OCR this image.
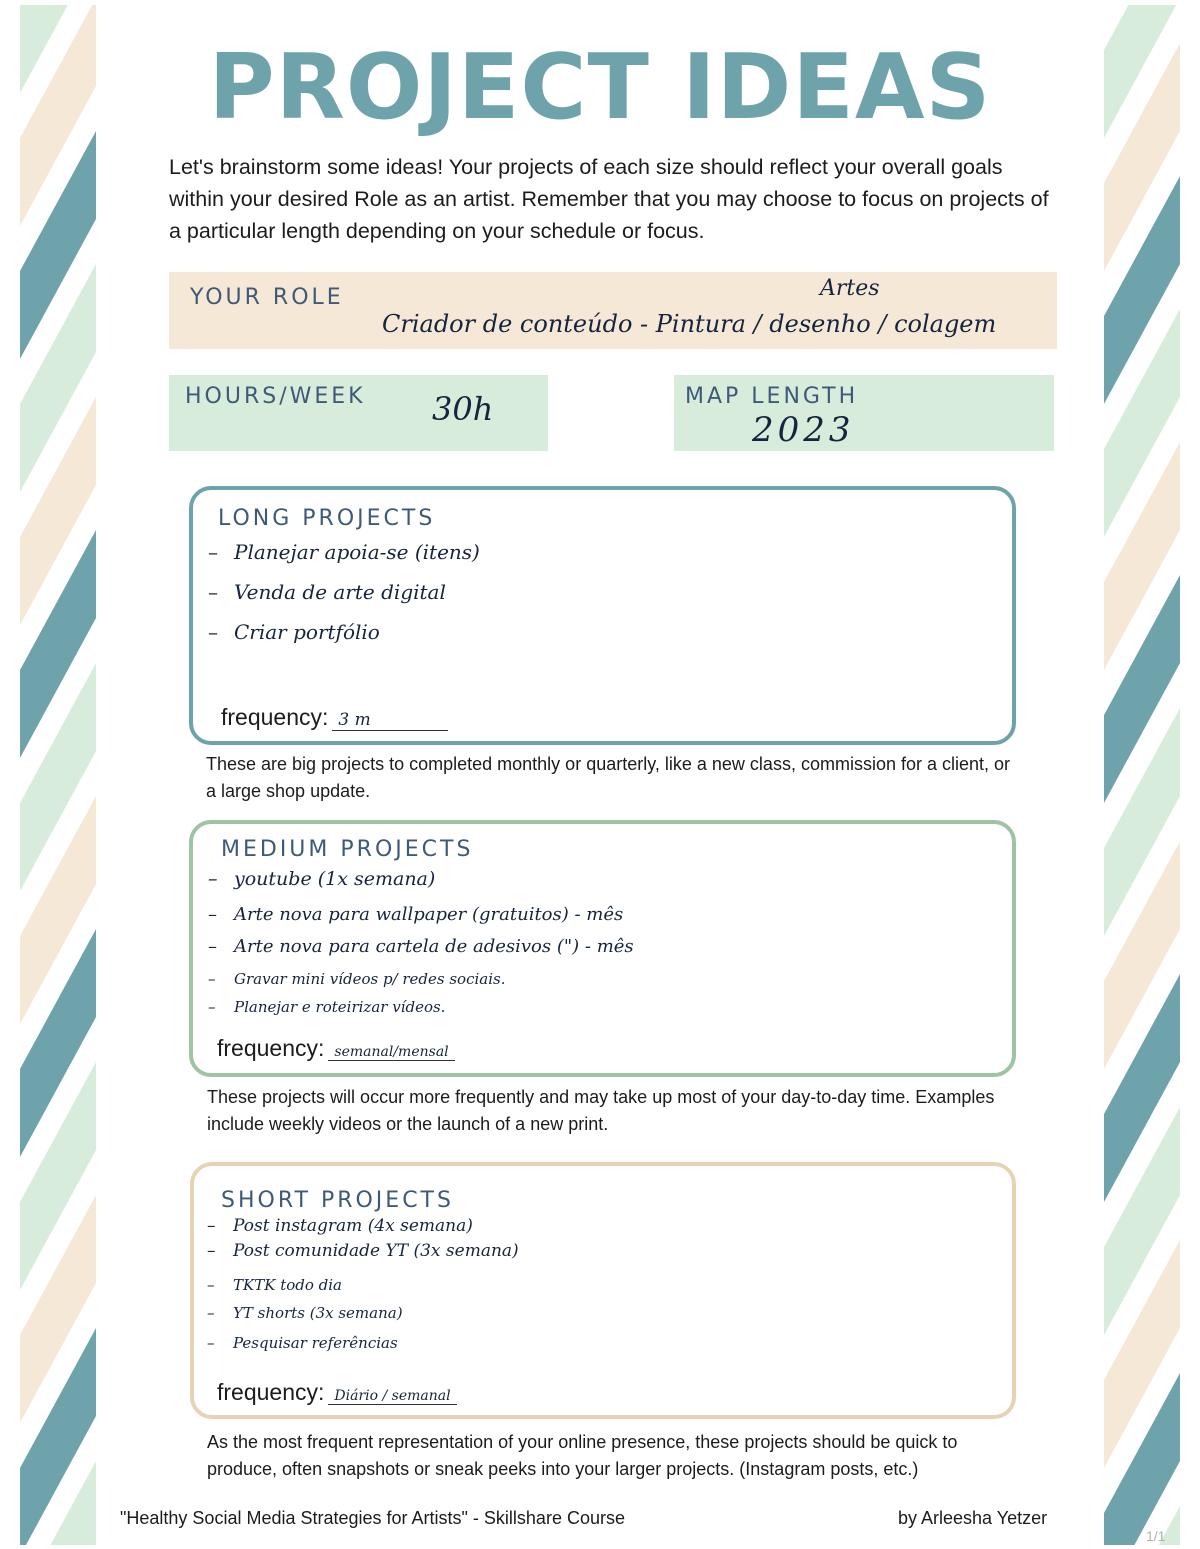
PROJECT IDEAS
Let's brainstorm some ideas! Your projects of each size should reflect your overall goals within your desired Role as an artist. Remember that you may choose to focus on projects of a particular length depending on your schedule or focus.
YOUR ROLE	Artes
Criador de conteúdo - Pintura / desenho / colagem
HOURS/WEEK 30h	MAP LENGTH
2023
LONG PROJECTS
– Planejar apoia-se (itens)
– Venda de arte digital
– Criar portfólio
frequency: 3 m
These are big projects to completed monthly or quarterly, like a new class, commission for a client, or a large shop update.
MEDIUM PROJECTS
– youtube (1x semana)
– Arte nova para wallpaper (gratuitos) - mês
– Arte nova para cartela de adesivos (") - mês
– Gravar mini vídeos p/ redes sociais.
– Planejar e roteirizar vídeos.
frequency: semanal/mensal
These projects will occur more frequently and may take up most of your day-to-day time. Examples include weekly videos or the launch of a new print.
SHORT PROJECTS
– Post instagram (4x semana)
– Post comunidade YT (3x semana)
– TKTK todo dia
– YT shorts (3x semana)
– Pesquisar referências
frequency: Diário / semanal
As the most frequent representation of your online presence, these projects should be quick to produce, often snapshots or sneak peeks into your larger projects. (Instagram posts, etc.)
"Healthy Social Media Strategies for Artists" - Skillshare Course	by Arleesha Yetzer
1/1
